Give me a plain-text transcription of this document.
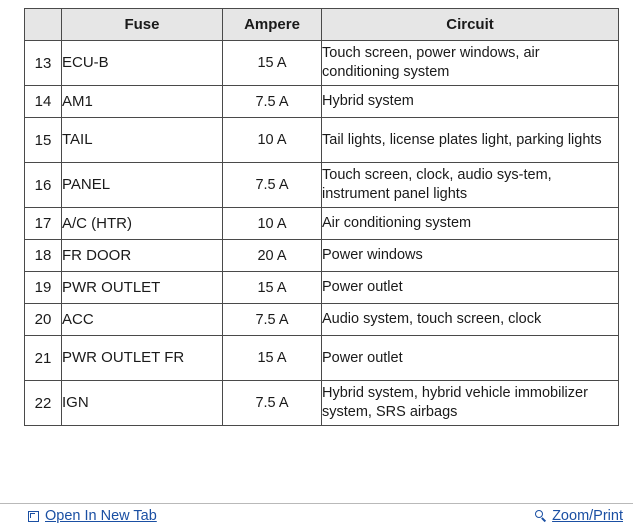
	Fuse	Ampere	Circuit
13	ECU-B	15 A	Touch screen, power windows, air conditioning system
14	AM1	7.5 A	Hybrid system
15	TAIL	10 A	Tail lights, license plates light, parking lights
16	PANEL	7.5 A	Touch screen, clock, audio sys-tem, instrument panel lights
17	A/C (HTR)	10 A	Air conditioning system
18	FR DOOR	20 A	Power windows
19	PWR OUTLET	15 A	Power outlet
20	ACC	7.5 A	Audio system, touch screen, clock
21	PWR OUTLET FR	15 A	Power outlet
22	IGN	7.5 A	Hybrid system, hybrid vehicle immobilizer system, SRS airbags
Open In New Tab	Zoom/Print
